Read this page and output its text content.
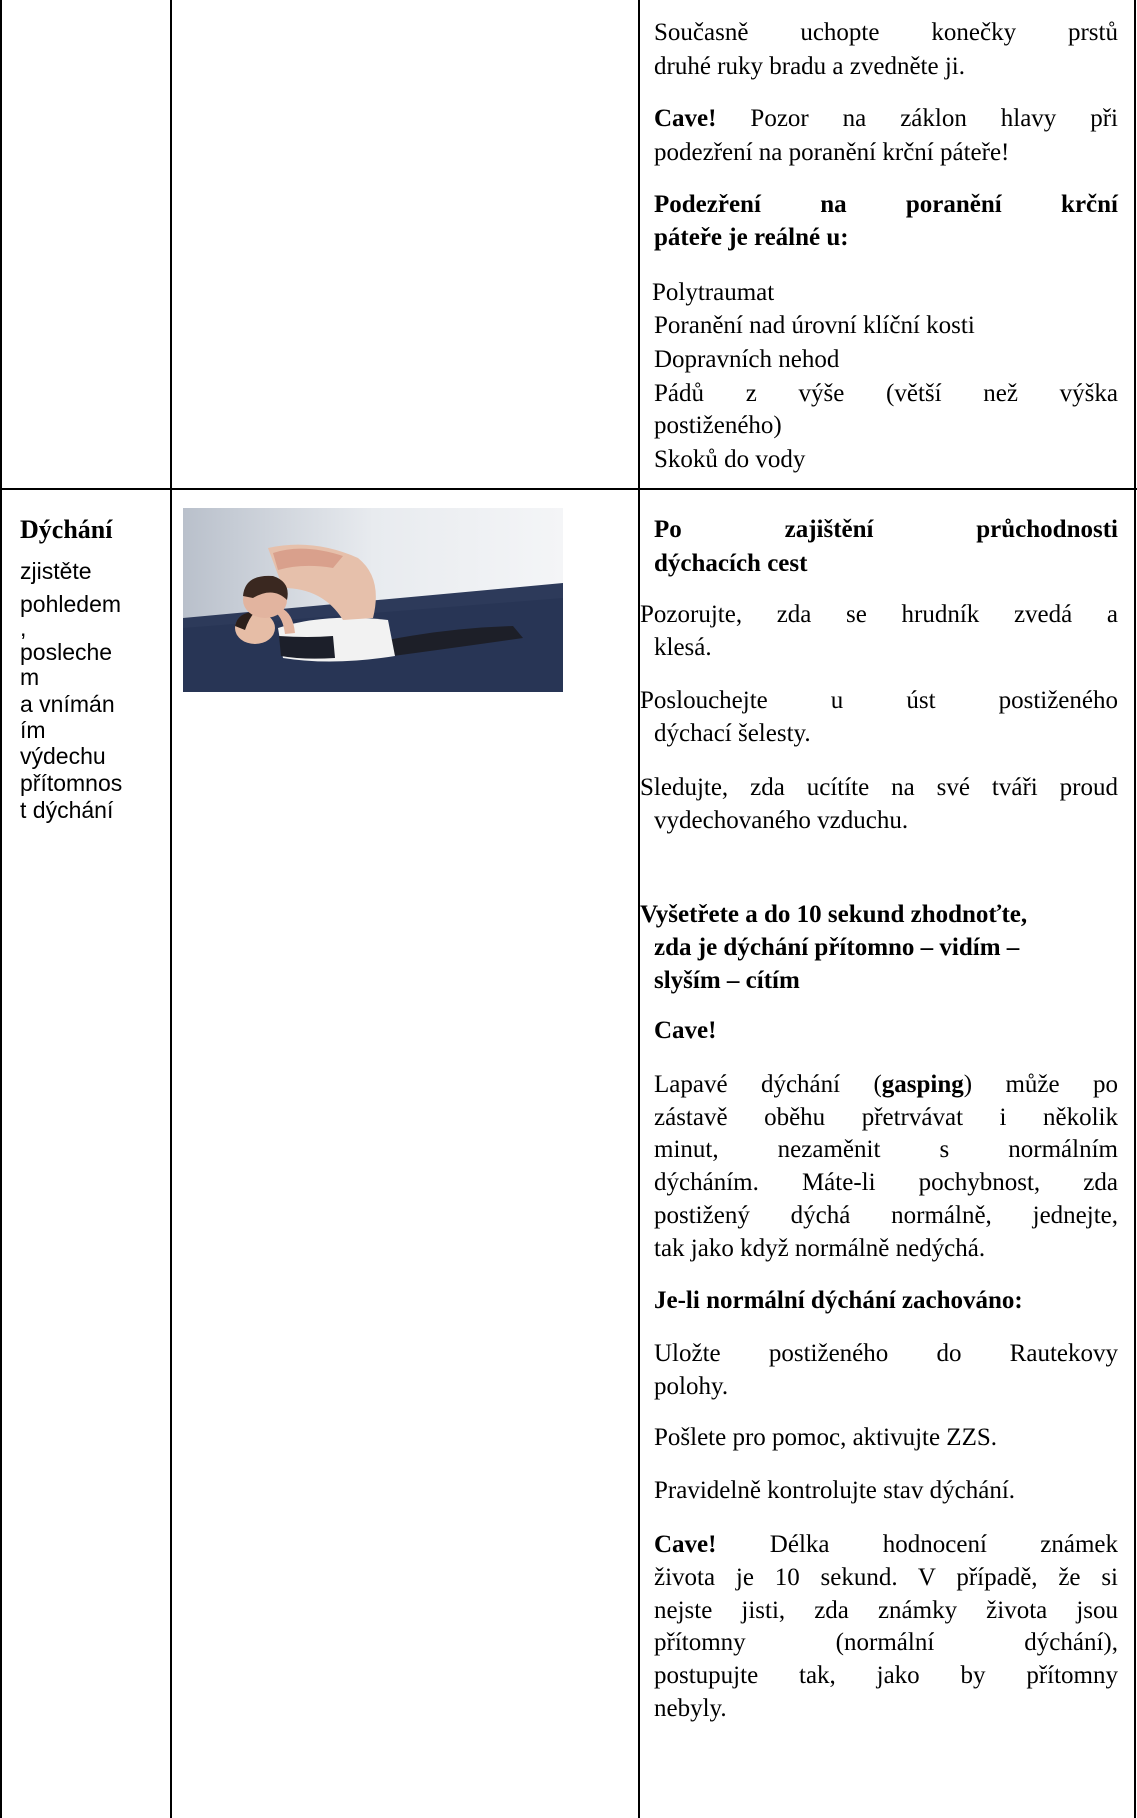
Současně uchopte konečky prstů
druhé ruky bradu a zvedněte ji.
Cave! Pozor na záklon hlavy při
podezření na poranění krční páteře!
Podezření na poranění krční
páteře je reálné u:
Polytraumat
Poranění nad úrovní klíční kosti
Dopravních nehod
Pádů z výše (větší než výška
postiženého)
Skoků do vody
Dýchání
zjistěte
pohledem
,
posleche
m
a vnímán
ím
výdechu
přítomnos
t dýchání
Po zajištění průchodnosti
dýchacích cest
Pozorujte, zda se hrudník zvedá a
klesá.
Poslouchejte u úst postiženého
dýchací šelesty.
Sledujte, zda ucítíte na své tváři proud
vydechovaného vzduchu.
Vyšetřete a do 10 sekund zhodnoťte,
zda je dýchání přítomno – vidím –
slyším – cítím
Cave!
Lapavé dýchání (gasping) může po
zástavě oběhu přetrvávat i několik
minut, nezaměnit s normálním
dýcháním. Máte-li pochybnost, zda
postižený dýchá normálně, jednejte,
tak jako když normálně nedýchá.
Je-li normální dýchání zachováno:
Uložte postiženého do Rautekovy
polohy.
Pošlete pro pomoc, aktivujte ZZS.
Pravidelně kontrolujte stav dýchání.
Cave! Délka hodnocení známek
života je 10 sekund. V případě, že si
nejste jisti, zda známky života jsou
přítomny (normální dýchání),
postupujte tak, jako by přítomny
nebyly.
